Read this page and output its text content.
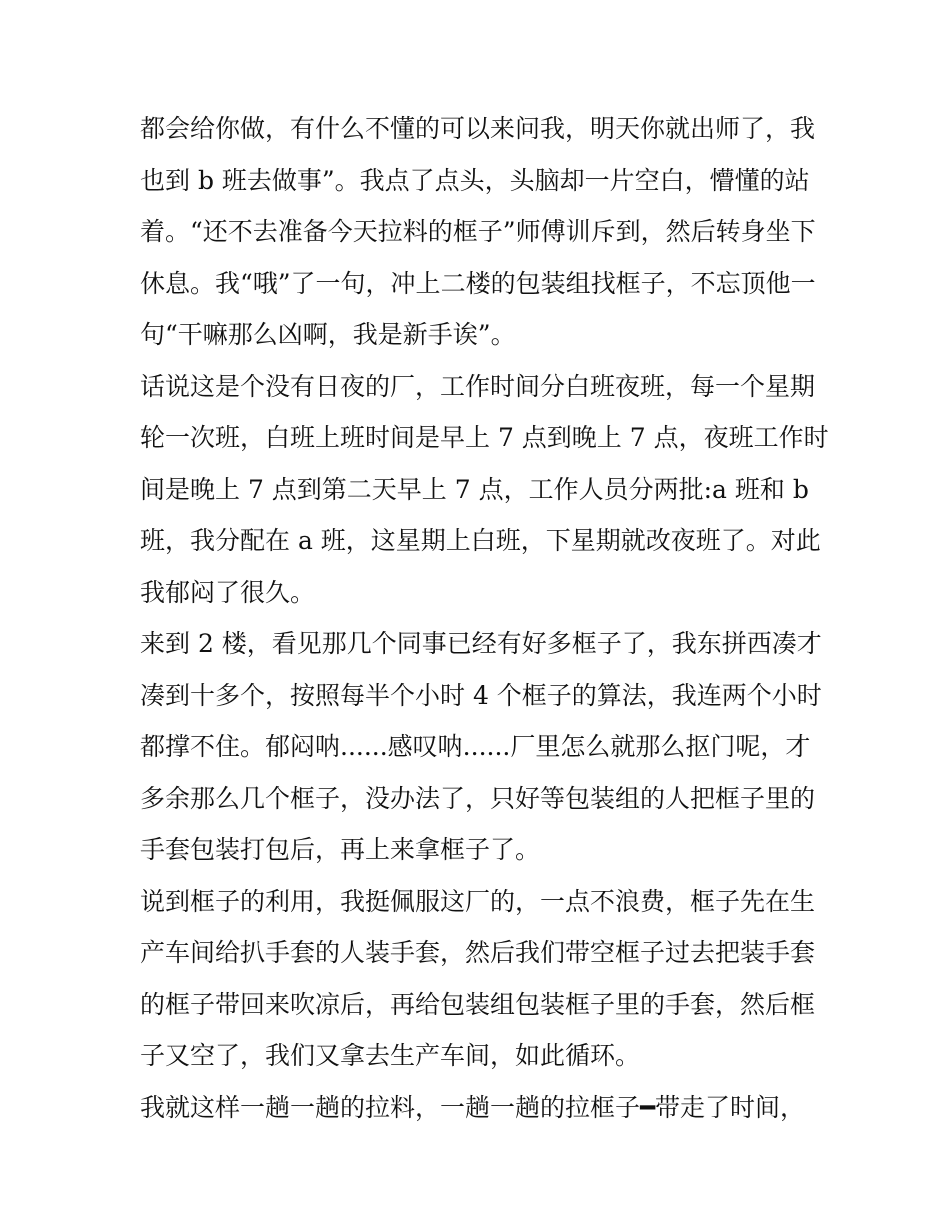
都会给你做，有什么不懂的可以来问我，明天你就出师了，我
也到 b 班去做事”。我点了点头，头脑却一片空白，懵懂的站
着。“还不去准备今天拉料的框子”师傅训斥到，然后转身坐下
休息。我“哦”了一句，冲上二楼的包装组找框子，不忘顶他一
句“干嘛那么凶啊，我是新手诶”。
话说这是个没有日夜的厂，工作时间分白班夜班，每一个星期
轮一次班，白班上班时间是早上 7 点到晚上 7 点，夜班工作时
间是晚上 7 点到第二天早上 7 点，工作人员分两批:a 班和 b
班，我分配在 a 班，这星期上白班，下星期就改夜班了。对此
我郁闷了很久。
来到 2 楼，看见那几个同事已经有好多框子了，我东拼西凑才
凑到十多个，按照每半个小时 4 个框子的算法，我连两个小时
都撑不住。郁闷呐......感叹呐......厂里怎么就那么抠门呢，才
多余那么几个框子，没办法了，只好等包装组的人把框子里的
手套包装打包后，再上来拿框子了。
说到框子的利用，我挺佩服这厂的，一点不浪费，框子先在生
产车间给扒手套的人装手套，然后我们带空框子过去把装手套
的框子带回来吹凉后，再给包装组包装框子里的手套，然后框
子又空了，我们又拿去生产车间，如此循环。
我就这样一趟一趟的拉料，一趟一趟的拉框子━带走了时间，
